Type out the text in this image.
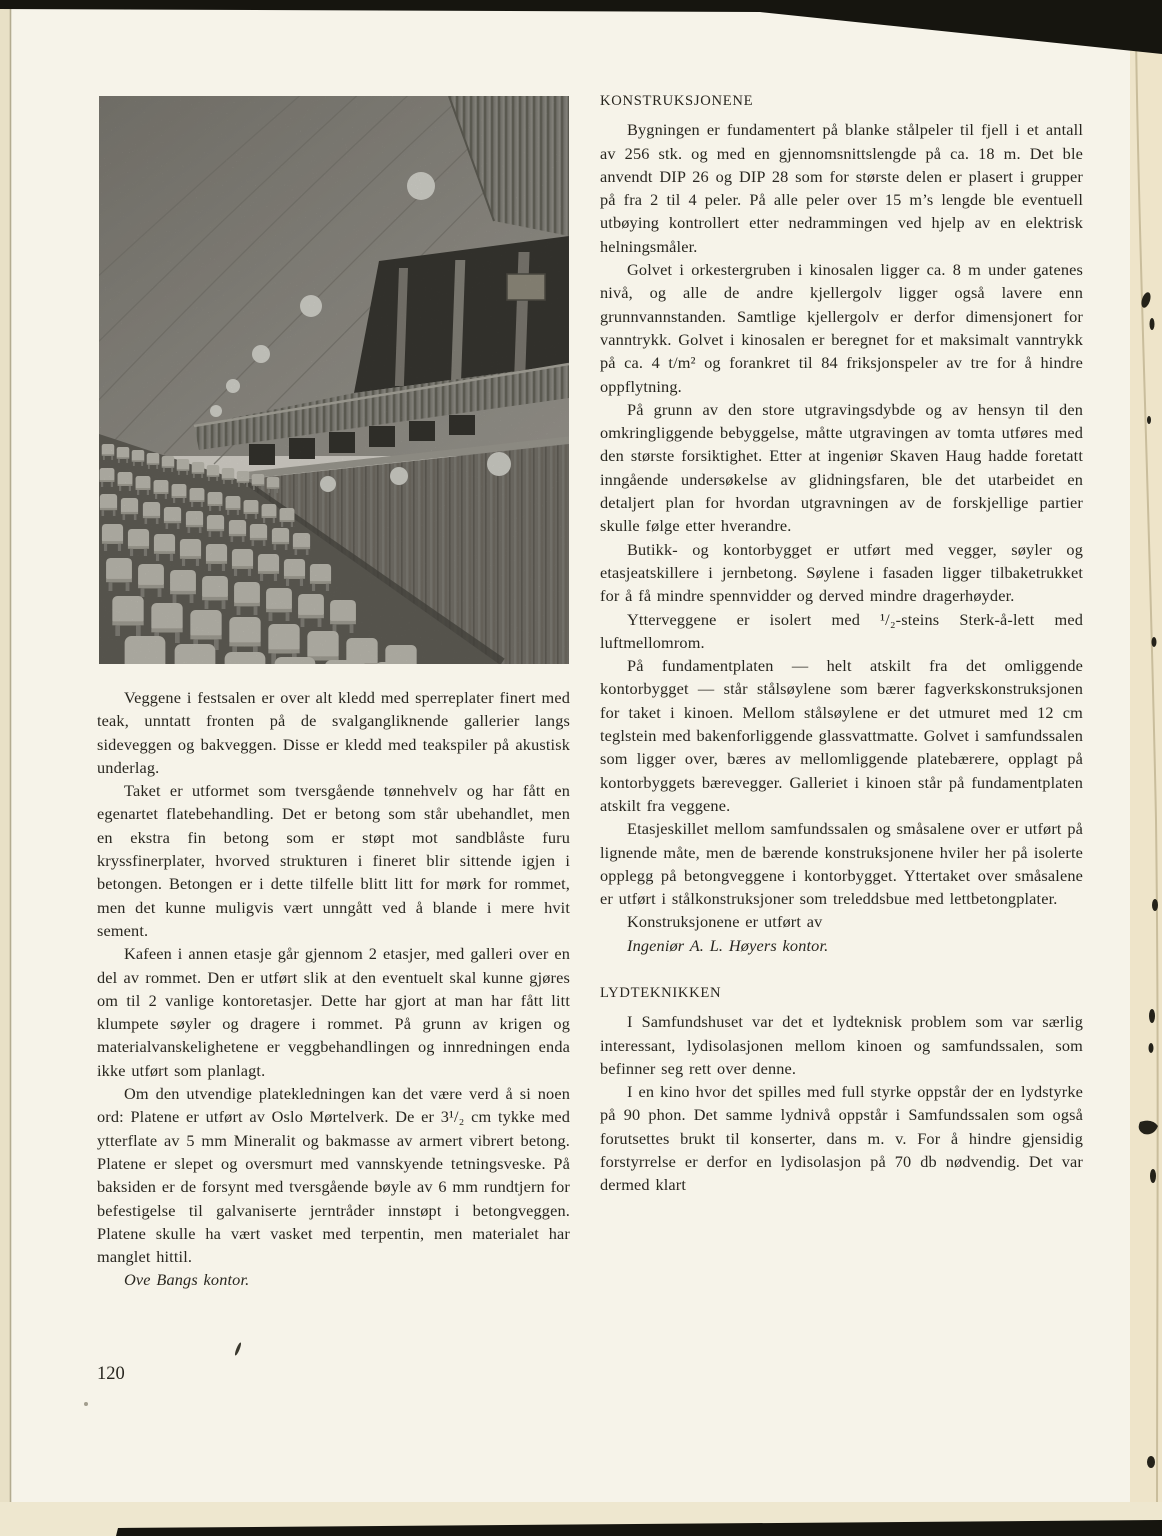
Veggene i festsalen er over alt kledd med sperreplater finert med teak, unntatt fronten på de svalgangliknende gallerier langs sideveggen og bakveggen. Disse er kledd med teakspiler på akustisk underlag.

Taket er utformet som tversgående tønnehvelv og har fått en egenartet flatebehandling. Det er betong som står ubehandlet, men en ekstra fin betong som er støpt mot sandblåste furu kryssfinerplater, hvorved strukturen i fineret blir sittende igjen i betongen. Betongen er i dette tilfelle blitt litt for mørk for rommet, men det kunne muligvis vært unngått ved å blande i mere hvit sement.

Kafeen i annen etasje går gjennom 2 etasjer, med galleri over en del av rommet. Den er utført slik at den eventuelt skal kunne gjøres om til 2 vanlige kontoretasjer. Dette har gjort at man har fått litt klumpete søyler og dragere i rommet. På grunn av krigen og materialvanskelighetene er veggbehandlingen og innredningen enda ikke utført som planlagt.

Om den utvendige platekledningen kan det være verd å si noen ord: Platene er utført av Oslo Mørtelverk. De er 3¹/₂ cm tykke med ytterflate av 5 mm Mineralit og bakmasse av armert vibrert betong. Platene er slepet og oversmurt med vannskyende tetningsveske. På baksiden er de forsynt med tversgående bøyle av 6 mm rundtjern for befestigelse til galvaniserte jerntråder innstøpt i betongveggen. Platene skulle ha vært vasket med terpentin, men materialet har manglet hittil.

Ove Bangs kontor.

KONSTRUKSJONENE

Bygningen er fundamentert på blanke stålpeler til fjell i et antall av 256 stk. og med en gjennomsnittslengde på ca. 18 m. Det ble anvendt DIP 26 og DIP 28 som for største delen er plasert i grupper på fra 2 til 4 peler. På alle peler over 15 m’s lengde ble eventuell utbøying kontrollert etter nedrammingen ved hjelp av en elektrisk helningsmåler.

Golvet i orkestergruben i kinosalen ligger ca. 8 m under gatenes nivå, og alle de andre kjellergolv ligger også lavere enn grunnvannstanden. Samtlige kjellergolv er derfor dimensjonert for vanntrykk. Golvet i kinosalen er beregnet for et maksimalt vanntrykk på ca. 4 t/m² og forankret til 84 friksjonspeler av tre for å hindre oppflytning.

På grunn av den store utgravingsdybde og av hensyn til den omkringliggende bebyggelse, måtte utgravingen av tomta utføres med den største forsiktighet. Etter at ingeniør Skaven Haug hadde foretatt inngående undersøkelse av glidningsfaren, ble det utarbeidet en detaljert plan for hvordan utgravningen av de forskjellige partier skulle følge etter hverandre.

Butikk- og kontorbygget er utført med vegger, søyler og etasjeatskillere i jernbetong. Søylene i fasaden ligger tilbaketrukket for å få mindre spennvidder og derved mindre dragerhøyder.

Ytterveggene er isolert med ¹/₂-steins Sterk-å-lett med luftmellomrom.

På fundamentplaten — helt atskilt fra det omliggende kontorbygget — står stålsøylene som bærer fagverkskonstruksjonen for taket i kinoen. Mellom stålsøylene er det utmuret med 12 cm teglstein med bakenforliggende glassvattmatte. Golvet i samfundssalen som ligger over, bæres av mellomliggende platebærere, opplagt på kontorbyggets bærevegger. Galleriet i kinoen står på fundamentplaten atskilt fra veggene.

Etasjeskillet mellom samfundssalen og småsalene over er utført på lignende måte, men de bærende konstruksjonene hviler her på isolerte opplegg på betongveggene i kontorbygget. Yttertaket over småsalene er utført i stålkonstruksjoner som treleddsbue med lettbetongplater.

Konstruksjonene er utført av

Ingeniør A. L. Høyers kontor.

LYDTEKNIKKEN

I Samfundshuset var det et lydteknisk problem som var særlig interessant, lydisolasjonen mellom kinoen og samfundssalen, som befinner seg rett over denne.

I en kino hvor det spilles med full styrke oppstår der en lydstyrke på 90 phon. Det samme lydnivå oppstår i Samfundssalen som også forutsettes brukt til konserter, dans m. v. For å hindre gjensidig forstyrrelse er derfor en lydisolasjon på 70 db nødvendig. Det var dermed klart

120
